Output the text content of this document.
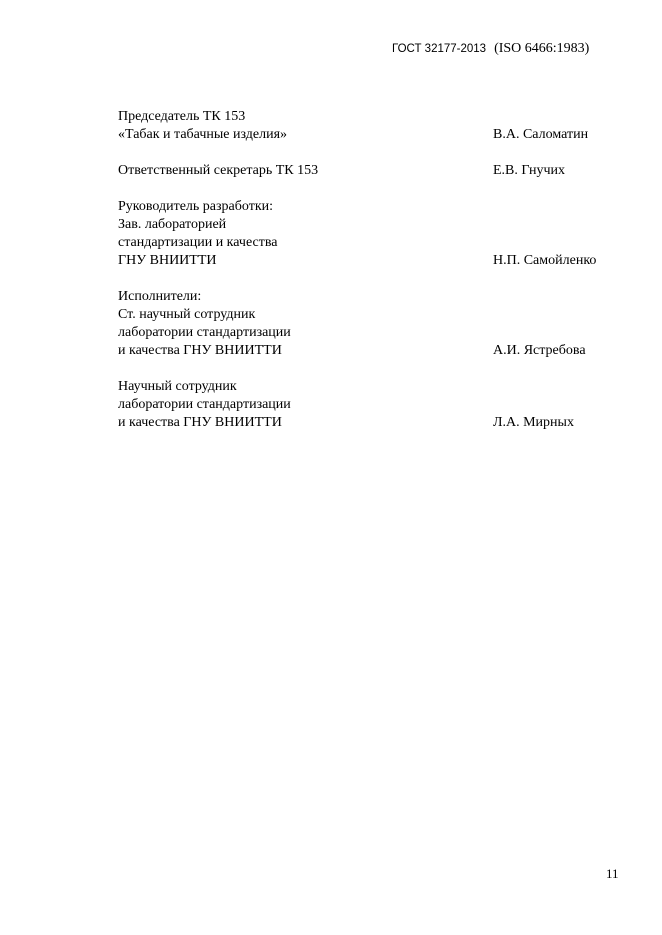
ГОСТ 32177-2013 (ISO 6466:1983)
Председатель ТК 153
«Табак и табачные изделия»	В.А. Саломатин
Ответственный секретарь ТК 153	Е.В. Гнучих
Руководитель разработки:
Зав. лабораторией
стандартизации и качества
ГНУ ВНИИТТИ	Н.П. Самойленко
Исполнители:
Ст. научный сотрудник
лаборатории стандартизации
и качества ГНУ ВНИИТТИ	А.И. Ястребова
Научный сотрудник
лаборатории стандартизации
и качества ГНУ ВНИИТТИ	Л.А. Мирных
11
